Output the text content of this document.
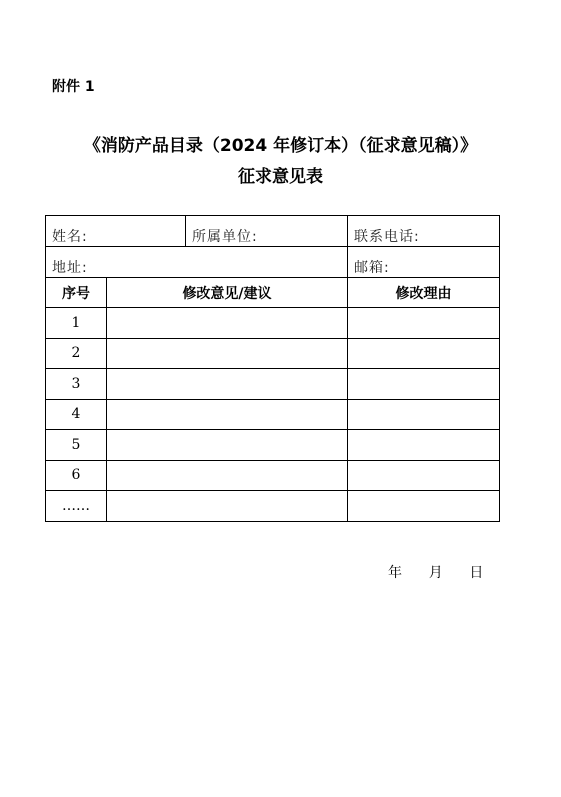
附件 1
《消防产品目录（2024 年修订本）（征求意见稿）》
征求意见表
姓名:		所属单位:	联系电话:
地址:			邮箱:
序号	修改意见/建议		修改理由
1			
2			
3			
4			
5			
6			
……			
年 月 日
